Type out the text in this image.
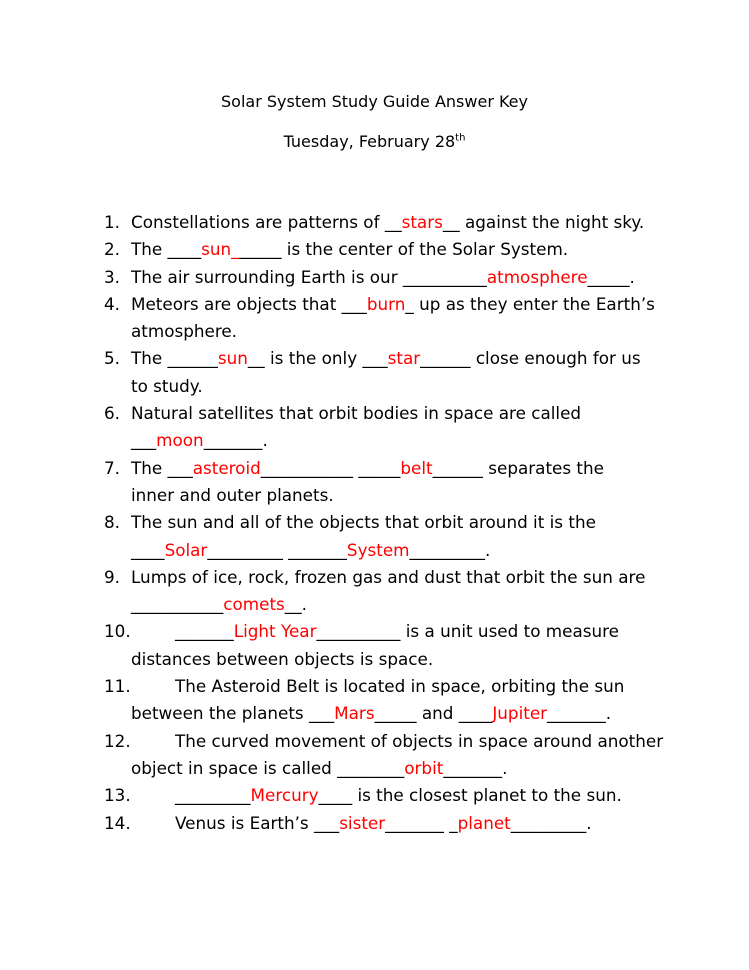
Solar System Study Guide Answer Key
Tuesday, February 28th
1. Constellations are patterns of __stars__ against the night sky.
2. The ____sun______ is the center of the Solar System.
3. The air surrounding Earth is our __________atmosphere_____.
4. Meteors are objects that ___burn_ up as they enter the Earth’s
atmosphere.
5. The ______sun__ is the only ___star______ close enough for us
to study.
6. Natural satellites that orbit bodies in space are called
___moon_______.
7. The ___asteroid___________ _____belt______ separates the
inner and outer planets.
8. The sun and all of the objects that orbit around it is the
____Solar_________ _______System_________.
9. Lumps of ice, rock, frozen gas and dust that orbit the sun are
___________comets__.
10.	_______Light Year__________ is a unit used to measure
distances between objects is space.
11.	The Asteroid Belt is located in space, orbiting the sun
between the planets ___Mars_____ and ____Jupiter_______.
12.	The curved movement of objects in space around another
object in space is called ________orbit_______.
13.	_________Mercury____ is the closest planet to the sun.
14.	Venus is Earth’s ___sister_______ _planet_________.
